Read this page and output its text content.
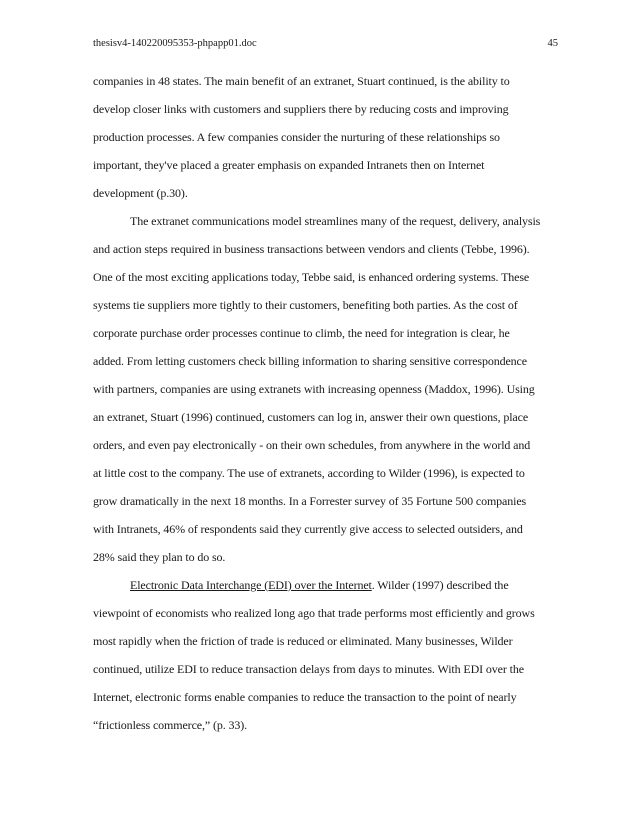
thesisv4-140220095353-phpapp01.doc	45
companies in 48 states. The main benefit of an extranet, Stuart continued, is the ability to
develop closer links with customers and suppliers there by reducing costs and improving
production processes. A few companies consider the nurturing of these relationships so
important, they've placed a greater emphasis on expanded Intranets then on Internet
development (p.30).
The extranet communications model streamlines many of the request, delivery, analysis
and action steps required in business transactions between vendors and clients (Tebbe, 1996).
One of the most exciting applications today, Tebbe said, is enhanced ordering systems. These
systems tie suppliers more tightly to their customers, benefiting both parties. As the cost of
corporate purchase order processes continue to climb, the need for integration is clear, he
added. From letting customers check billing information to sharing sensitive correspondence
with partners, companies are using extranets with increasing openness (Maddox, 1996). Using
an extranet, Stuart (1996) continued, customers can log in, answer their own questions, place
orders, and even pay electronically - on their own schedules, from anywhere in the world and
at little cost to the company. The use of extranets, according to Wilder (1996), is expected to
grow dramatically in the next 18 months. In a Forrester survey of 35 Fortune 500 companies
with Intranets, 46% of respondents said they currently give access to selected outsiders, and
28% said they plan to do so.
Electronic Data Interchange (EDI) over the Internet. Wilder (1997) described the
viewpoint of economists who realized long ago that trade performs most efficiently and grows
most rapidly when the friction of trade is reduced or eliminated. Many businesses, Wilder
continued, utilize EDI to reduce transaction delays from days to minutes. With EDI over the
Internet, electronic forms enable companies to reduce the transaction to the point of nearly
“frictionless commerce,” (p. 33).
